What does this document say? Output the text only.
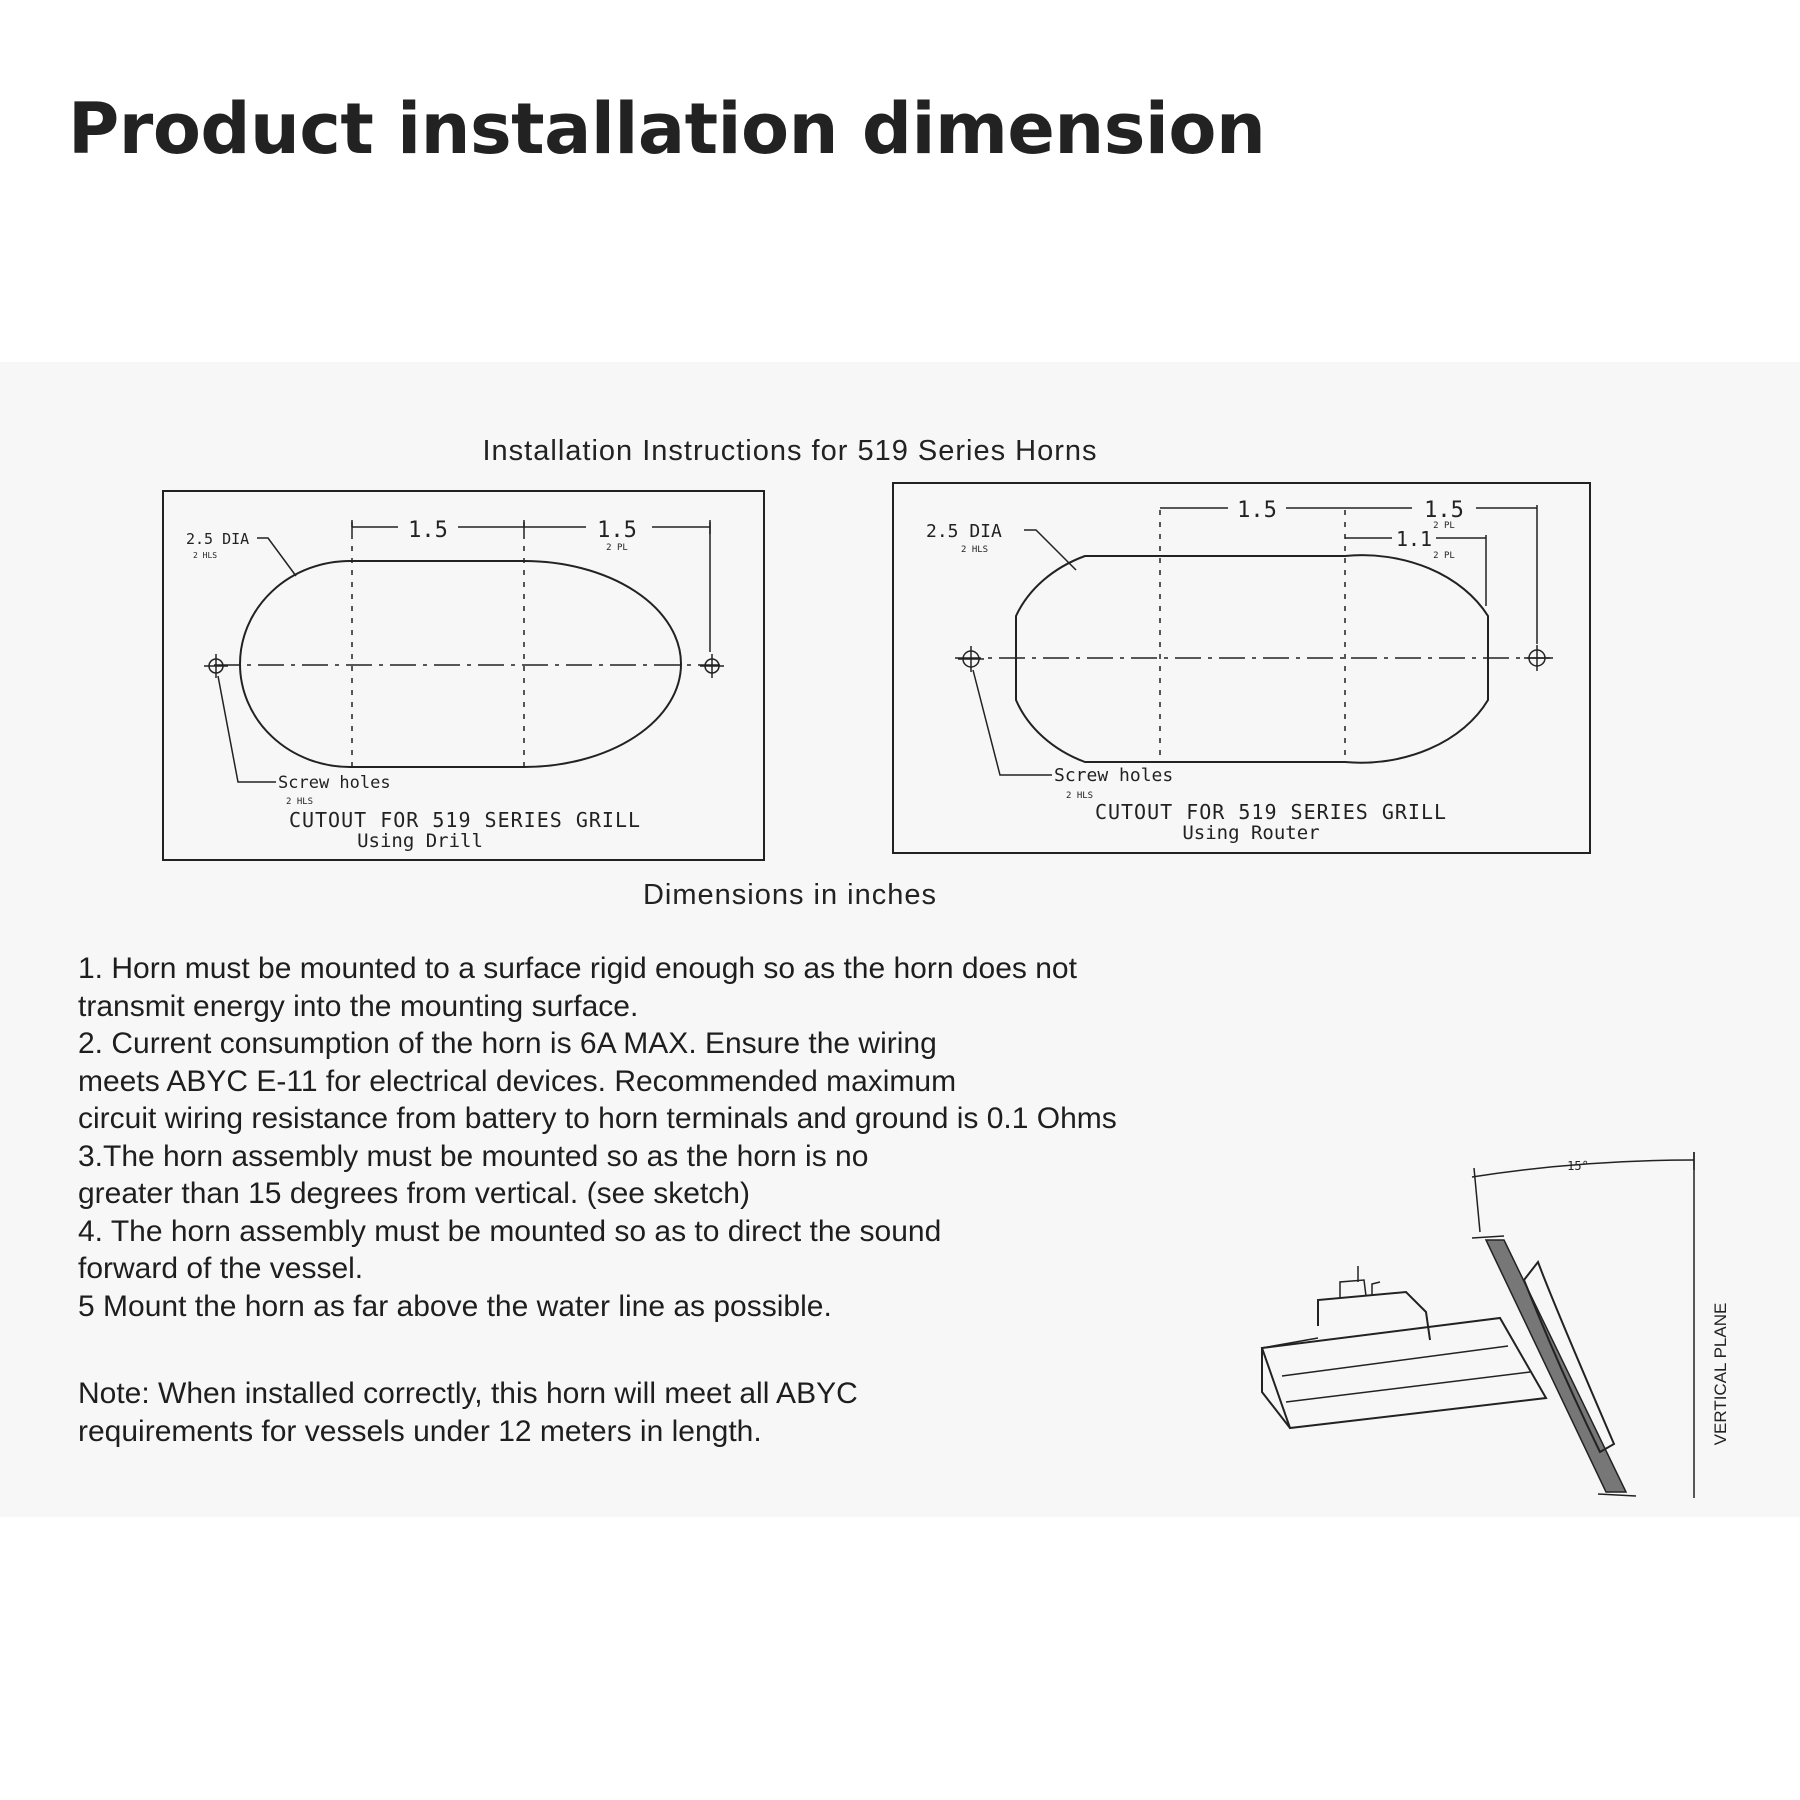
Product installation dimension
Installation Instructions for 519 Series Horns
1.5	1.5
2 PL
2.5 DIA
2 HLS
Screw holes
2 HLS
CUTOUT FOR 519 SERIES GRILL
Using Drill
1.5	1.5
2 PL
1.1
2 PL
2.5 DIA
2 HLS
Screw holes
2 HLS
CUTOUT FOR 519 SERIES GRILL
Using Router
Dimensions in inches
VERTICAL PLANE
15°

1. Horn must be mounted to a surface rigid enough so as the horn does not

transmit energy into the mounting surface.

2. Current consumption of the horn is 6A MAX. Ensure the wiring

meets ABYC E-11 for electrical devices. Recommended maximum

circuit wiring resistance from battery to horn terminals and ground is 0.1 Ohms

3.The horn assembly must be mounted so as the horn is no

greater than 15 degrees from vertical. (see sketch)

4. The horn assembly must be mounted so as to direct the sound

forward of the vessel.

5 Mount the horn as far above the water line as possible.

Note: When installed correctly, this horn will meet all ABYC

requirements for vessels under 12 meters in length.
